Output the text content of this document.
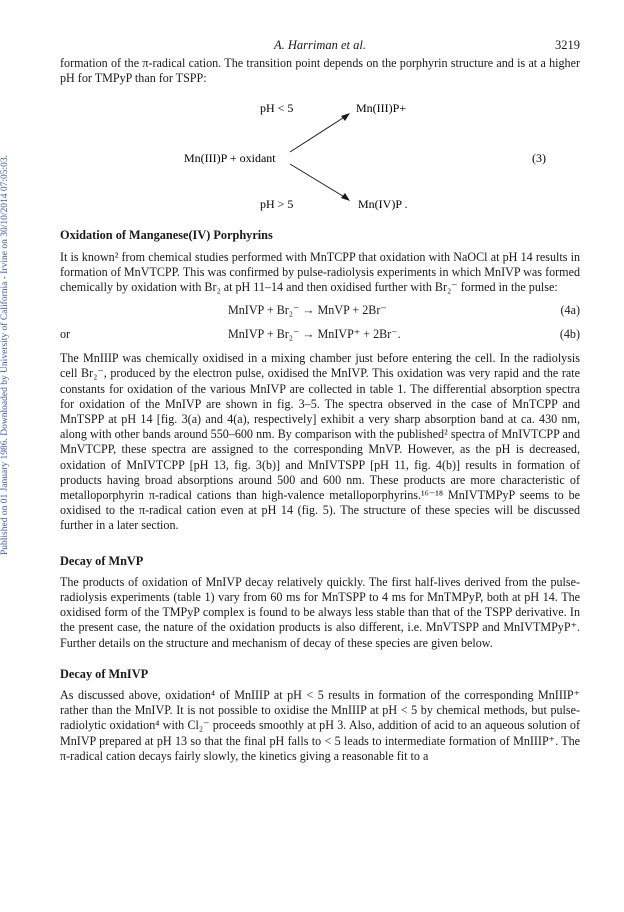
Published on 01 January 1986. Downloaded by University of California - Irvine on 30/10/2014 07:05:03.
A. Harriman et al.	3219

formation of the π-radical cation. The transition point depends on the porphyrin structure and is at a higher pH for TMPyP than for TSPP:

pH < 5	Mn(III)P+
Mn(III)P + oxidant	(3)
pH > 5	Mn(IV)P .
Oxidation of Manganese(IV) Porphyrins

It is known² from chemical studies performed with MnTCPP that oxidation with NaOCl at pH 14 results in formation of MnVTCPP. This was confirmed by pulse-radiolysis experiments in which MnIVP was formed chemically by oxidation with Br₂ at pH 11–14 and then oxidised further with Br₂⁻ formed in the pulse:

MnIVP + Br₂⁻ → MnVP + 2Br⁻	(4a)
or	MnIVP + Br₂⁻ → MnIVP⁺ + 2Br⁻.	(4b)

The MnIIIP was chemically oxidised in a mixing chamber just before entering the cell. In the radiolysis cell Br₂⁻, produced by the electron pulse, oxidised the MnIVP. This oxidation was very rapid and the rate constants for oxidation of the various MnIVP are collected in table 1. The differential absorption spectra for oxidation of the MnIVP are shown in fig. 3–5. The spectra observed in the case of MnTCPP and MnTSPP at pH 14 [fig. 3(a) and 4(a), respectively] exhibit a very sharp absorption band at ca. 430 nm, along with other bands around 550–600 nm. By comparison with the published² spectra of MnIVTCPP and MnVTCPP, these spectra are assigned to the corresponding MnVP. However, as the pH is decreased, oxidation of MnIVTCPP [pH 13, fig. 3(b)] and MnIVTSPP [pH 11, fig. 4(b)] results in formation of products having broad absorptions around 500 and 600 nm. These products are more characteristic of metalloporphyrin π-radical cations than high-valence metalloporphyrins.¹⁶⁻¹⁸ MnIVTMPyP seems to be oxidised to the π-radical cation even at pH 14 (fig. 5). The structure of these species will be discussed further in a later section.

Decay of MnVP

The products of oxidation of MnIVP decay relatively quickly. The first half-lives derived from the pulse-radiolysis experiments (table 1) vary from 60 ms for MnTSPP to 4 ms for MnTMPyP, both at pH 14. The oxidised form of the TMPyP complex is found to be always less stable than that of the TSPP derivative. In the present case, the nature of the oxidation products is also different, i.e. MnVTSPP and MnIVTMPyP⁺. Further details on the structure and mechanism of decay of these species are given below.

Decay of MnIVP

As discussed above, oxidation⁴ of MnIIIP at pH < 5 results in formation of the corresponding MnIIIP⁺ rather than the MnIVP. It is not possible to oxidise the MnIIIP at pH < 5 by chemical methods, but pulse-radiolytic oxidation⁴ with Cl₂⁻ proceeds smoothly at pH 3. Also, addition of acid to an aqueous solution of MnIVP prepared at pH 13 so that the final pH falls to < 5 leads to intermediate formation of MnIIIP⁺. The π-radical cation decays fairly slowly, the kinetics giving a reasonable fit to a
